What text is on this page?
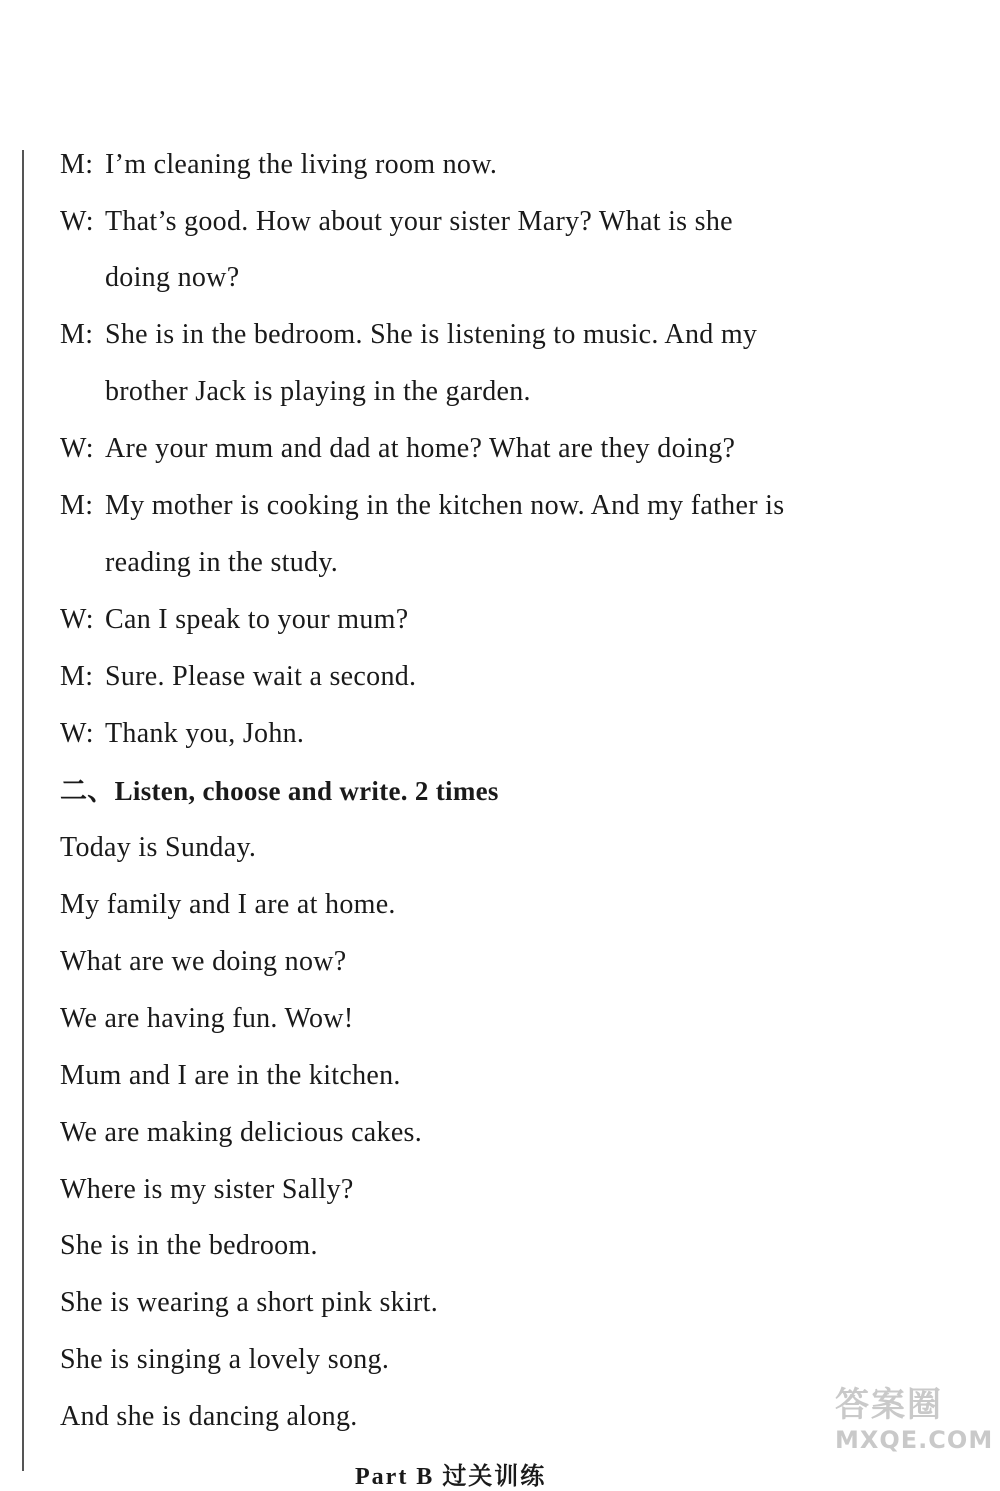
M: I’m cleaning the living room now.
W: That’s good. How about your sister Mary? What is she
doing now?
M: She is in the bedroom. She is listening to music. And my
brother Jack is playing in the garden.
W: Are your mum and dad at home? What are they doing?
M: My mother is cooking in the kitchen now. And my father is
reading in the study.
W: Can I speak to your mum?
M: Sure. Please wait a second.
W: Thank you, John.
二、Listen, choose and write. 2 times
Today is Sunday.
My family and I are at home.
What are we doing now?
We are having fun. Wow!
Mum and I are in the kitchen.
We are making delicious cakes.
Where is my sister Sally?
She is in the bedroom.
She is wearing a short pink skirt.
She is singing a lovely song.
And she is dancing along.
Part B 过关训练
答案圈
MXQE.COM
